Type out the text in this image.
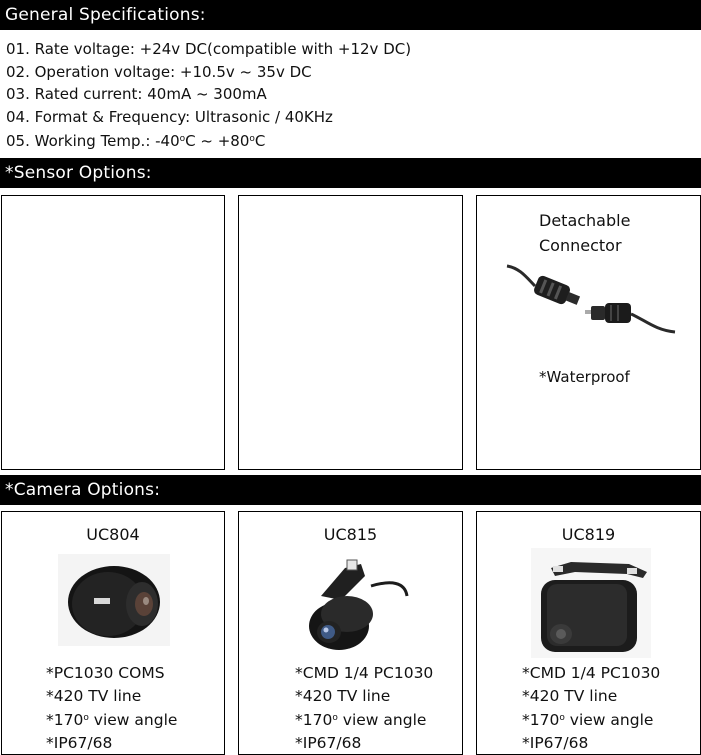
General Specifications:
01. Rate voltage: +24v DC(compatible with +12v DC)
02. Operation voltage: +10.5v ~ 35v DC
03. Rated current: 40mA ~ 300mA
04. Format & Frequency: Ultrasonic / 40KHz
05. Working Temp.: -40$^o$C ~ $+80^oC$
*Sensor Options:
Detachable
Connector
*Waterproof
*Camera Options:
UC804
*PC1030 COMS
*420 TV line
*170$^o$ view angle
*IP67/68
UC815
*CMD 1/4 PC1030
*420 TV line
*170$^o$ view angle
*IP67/68
UC819
*CMD 1/4 PC1030
*420 TV line
*170$^o$ view angle
*IP67/68
